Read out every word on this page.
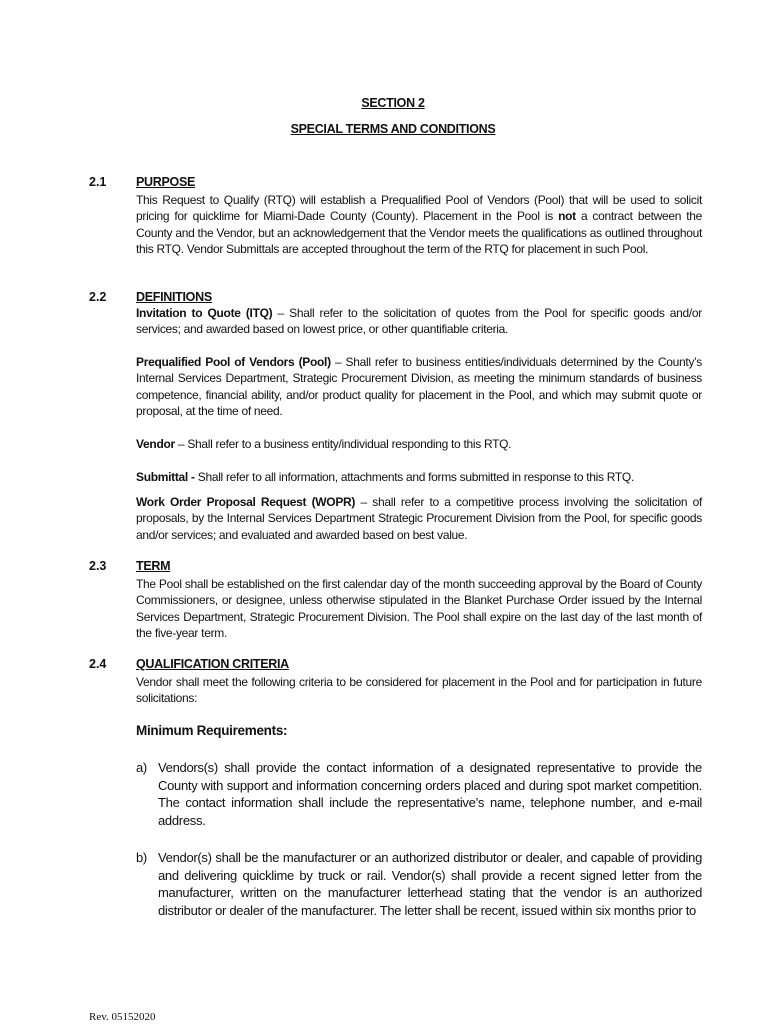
SECTION 2
SPECIAL TERMS AND CONDITIONS
2.1 PURPOSE
This Request to Qualify (RTQ) will establish a Prequalified Pool of Vendors (Pool) that will be used to solicit pricing for quicklime for Miami-Dade County (County). Placement in the Pool is not a contract between the County and the Vendor, but an acknowledgement that the Vendor meets the qualifications as outlined throughout this RTQ. Vendor Submittals are accepted throughout the term of the RTQ for placement in such Pool.
2.2 DEFINITIONS
Invitation to Quote (ITQ) – Shall refer to the solicitation of quotes from the Pool for specific goods and/or services; and awarded based on lowest price, or other quantifiable criteria.
Prequalified Pool of Vendors (Pool) – Shall refer to business entities/individuals determined by the County’s Internal Services Department, Strategic Procurement Division, as meeting the minimum standards of business competence, financial ability, and/or product quality for placement in the Pool, and which may submit quote or proposal, at the time of need.
Vendor – Shall refer to a business entity/individual responding to this RTQ.
Submittal - Shall refer to all information, attachments and forms submitted in response to this RTQ.
Work Order Proposal Request (WOPR) – shall refer to a competitive process involving the solicitation of proposals, by the Internal Services Department Strategic Procurement Division from the Pool, for specific goods and/or services; and evaluated and awarded based on best value.
2.3 TERM
The Pool shall be established on the first calendar day of the month succeeding approval by the Board of County Commissioners, or designee, unless otherwise stipulated in the Blanket Purchase Order issued by the Internal Services Department, Strategic Procurement Division. The Pool shall expire on the last day of the last month of the five-year term.
2.4 QUALIFICATION CRITERIA
Vendor shall meet the following criteria to be considered for placement in the Pool and for participation in future solicitations:
Minimum Requirements:
a) Vendors(s) shall provide the contact information of a designated representative to provide the County with support and information concerning orders placed and during spot market competition. The contact information shall include the representative’s name, telephone number, and e-mail address.
b) Vendor(s) shall be the manufacturer or an authorized distributor or dealer, and capable of providing and delivering quicklime by truck or rail. Vendor(s) shall provide a recent signed letter from the manufacturer, written on the manufacturer letterhead stating that the vendor is an authorized distributor or dealer of the manufacturer. The letter shall be recent, issued within six months prior to
Rev. 05152020
